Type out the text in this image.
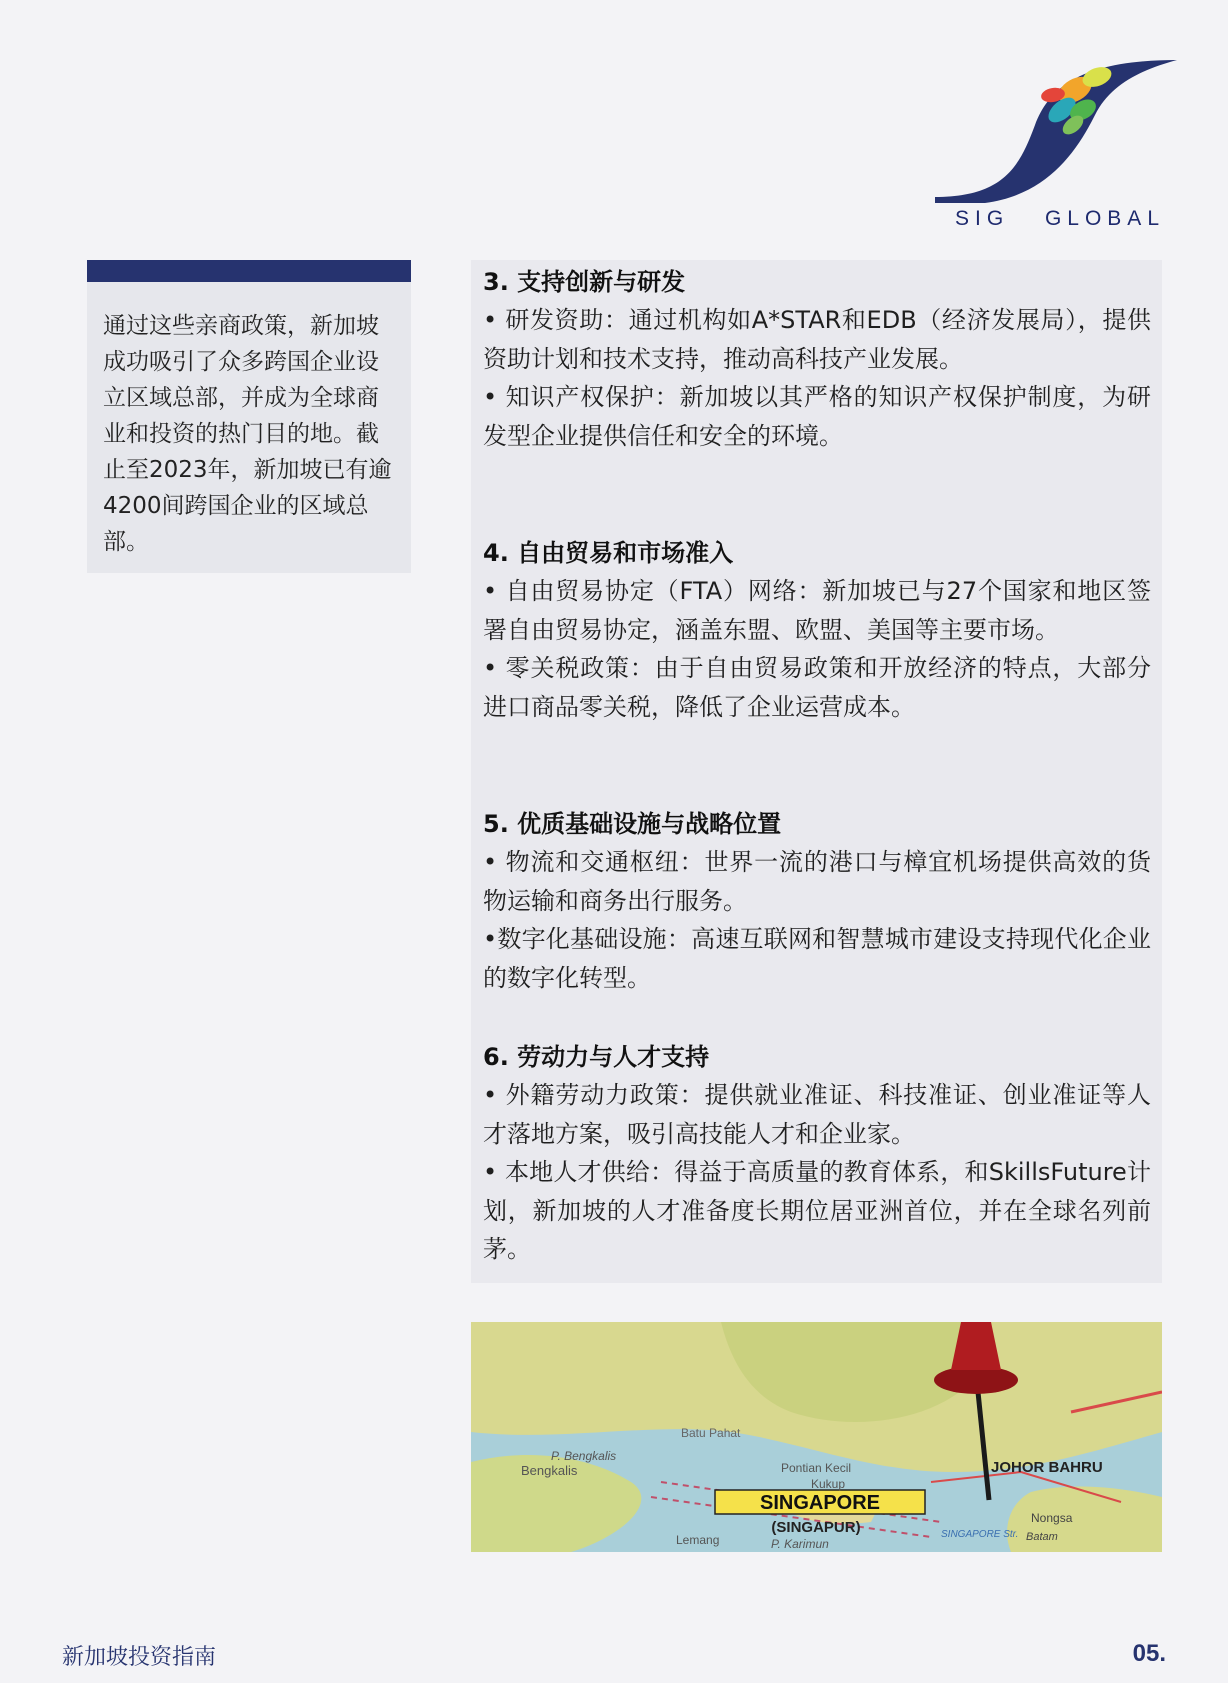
SIG GLOBAL
通过这些亲商政策，新加坡成功吸引了众多跨国企业设立区域总部，并成为全球商业和投资的热门目的地。截止至2023年，新加坡已有逾4200间跨国企业的区域总部。
3. 支持创新与研发

• 研发资助：通过机构如A*STAR和EDB（经济发展局），提供资助计划和技术支持，推动高科技产业发展。

• 知识产权保护：新加坡以其严格的知识产权保护制度，为研发型企业提供信任和安全的环境。

4. 自由贸易和市场准入

• 自由贸易协定（FTA）网络：新加坡已与27个国家和地区签署自由贸易协定，涵盖东盟、欧盟、美国等主要市场。

• 零关税政策：由于自由贸易政策和开放经济的特点，大部分进口商品零关税，降低了企业运营成本。

5. 优质基础设施与战略位置

• 物流和交通枢纽：世界一流的港口与樟宜机场提供高效的货物运输和商务出行服务。

•数字化基础设施：高速互联网和智慧城市建设支持现代化企业的数字化转型。

6. 劳动力与人才支持

• 外籍劳动力政策：提供就业准证、科技准证、创业准证等人才落地方案，吸引高技能人才和企业家。

• 本地人才供给：得益于高质量的教育体系，和SkillsFuture计划，新加坡的人才准备度长期位居亚洲首位，并在全球名列前茅。

SINGAPORE
(SINGAPUR)
JOHOR BAHRU
Bengkalis
P. Bengkalis
Batu Pahat
Pontian Kecil
Kukup
Lemang	P. Karimun
Nongsa
Batam
SINGAPORE Str.
新加坡投资指南	05.
